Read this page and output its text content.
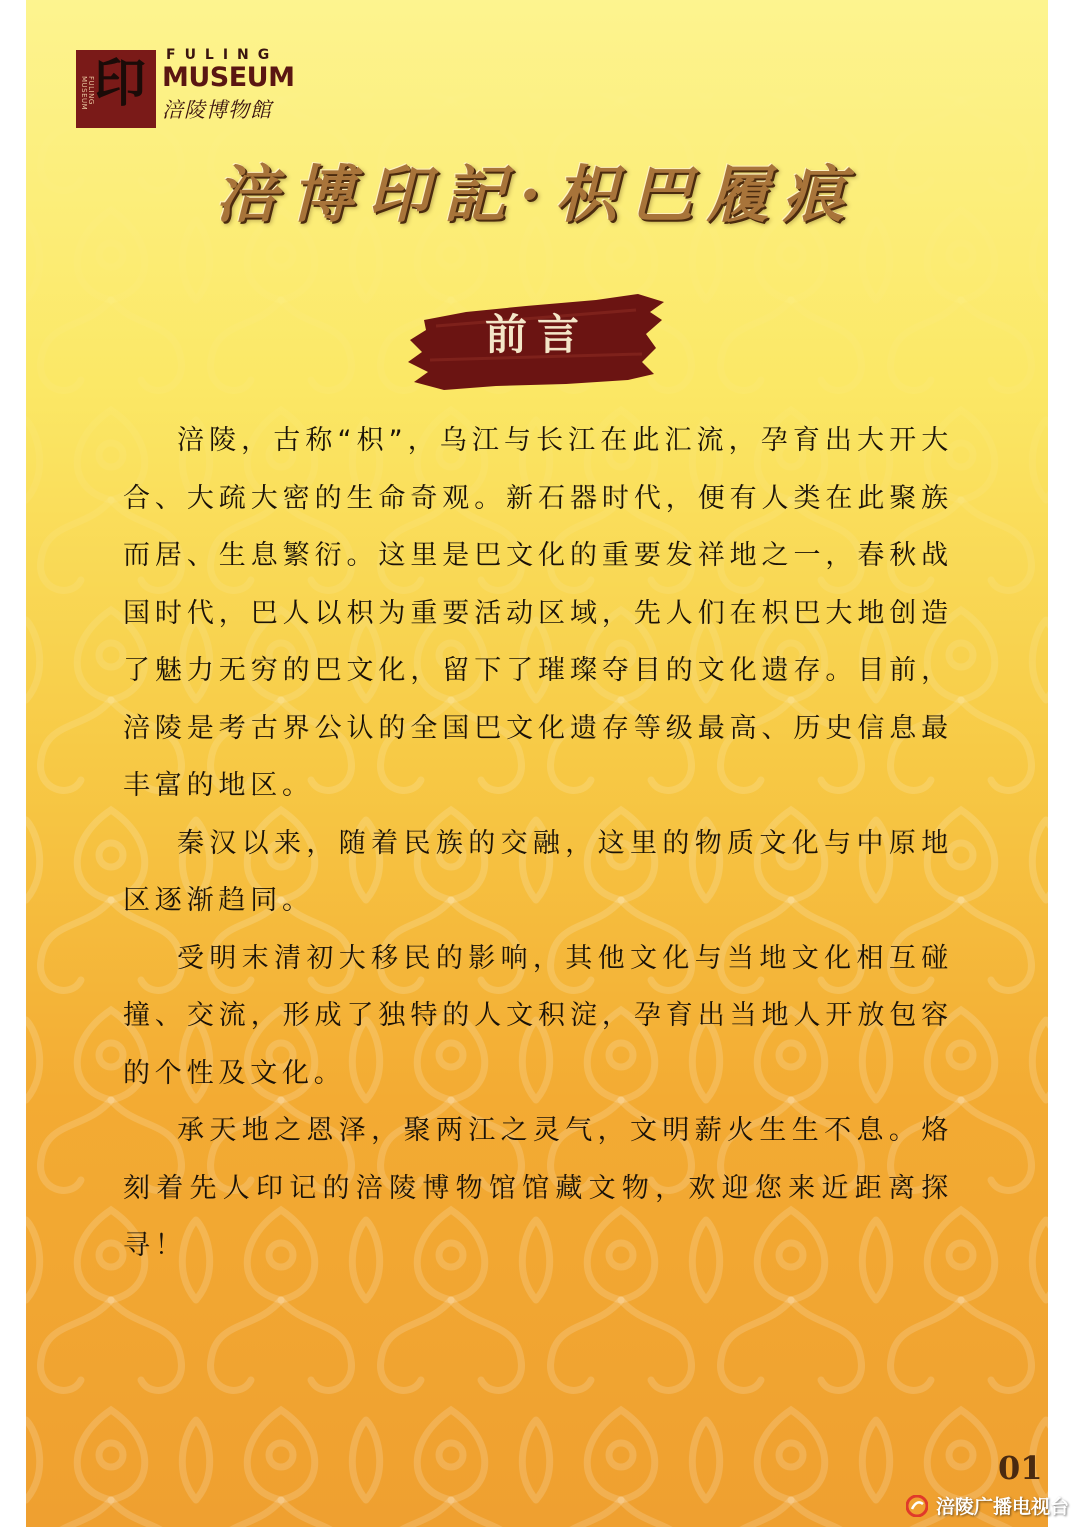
FULING MUSEUM 印 FULING
MUSEUM
涪陵博物館
涪博印記·枳巴履痕
前言

涪陵，古称“枳”，乌江与长江在此汇流，孕育出大开大合、大疏大密的生命奇观。新石器时代，便有人类在此聚族而居、生息繁衍。这里是巴文化的重要发祥地之一，春秋战国时代，巴人以枳为重要活动区域，先人们在枳巴大地创造了魅力无穷的巴文化，留下了璀璨夺目的文化遗存。目前，涪陵是考古界公认的全国巴文化遗存等级最高、历史信息最丰富的地区。

秦汉以来，随着民族的交融，这里的物质文化与中原地区逐渐趋同。

受明末清初大移民的影响，其他文化与当地文化相互碰撞、交流，形成了独特的人文积淀，孕育出当地人开放包容的个性及文化。

承天地之恩泽，聚两江之灵气，文明薪火生生不息。烙刻着先人印记的涪陵博物馆馆藏文物，欢迎您来近距离探寻！

01
涪陵广播电视台
